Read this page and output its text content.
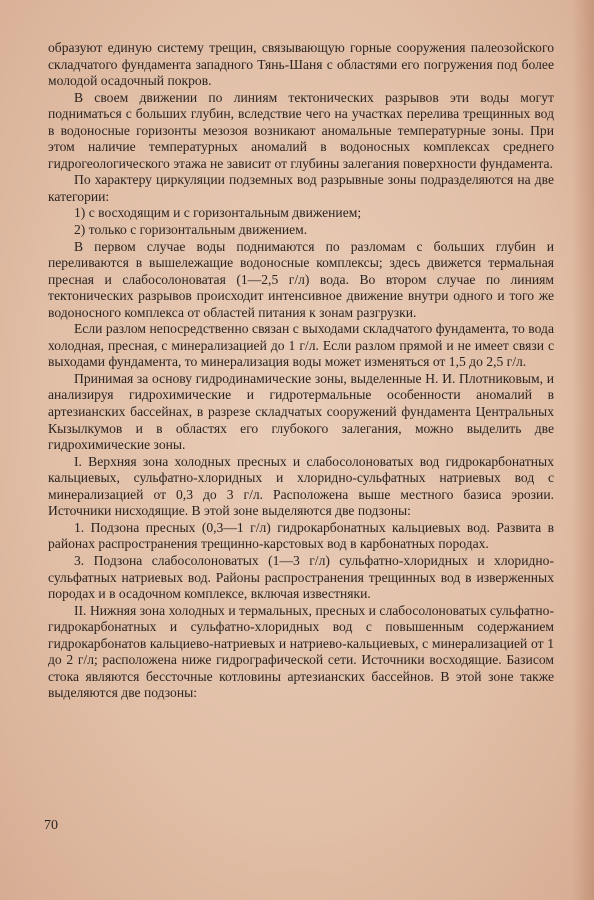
образуют единую систему трещин, связывающую горные сооружения палеозойского складчатого фундамента западного Тянь-Шаня с областями его погружения под более молодой осадочный покров.

В своем движении по линиям тектонических разрывов эти воды могут подниматься с больших глубин, вследствие чего на участках перелива трещинных вод в водоносные горизонты мезозоя возникают аномальные температурные зоны. При этом наличие температурных аномалий в водоносных комплексах среднего гидрогеологического этажа не зависит от глубины залегания поверхности фундамента.

По характеру циркуляции подземных вод разрывные зоны подразделяются на две категории:

1) с восходящим и с горизонтальным движением;

2) только с горизонтальным движением.

В первом случае воды поднимаются по разломам с больших глубин и переливаются в вышележащие водоносные комплексы; здесь движется термальная пресная и слабосолоноватая (1—2,5 г/л) вода. Во втором случае по линиям тектонических разрывов происходит интенсивное движение внутри одного и того же водоносного комплекса от областей питания к зонам разгрузки.

Если разлом непосредственно связан с выходами складчатого фундамента, то вода холодная, пресная, с минерализацией до 1 г/л. Если разлом прямой и не имеет связи с выходами фундамента, то минерализация воды может изменяться от 1,5 до 2,5 г/л.

Принимая за основу гидродинамические зоны, выделенные Н. И. Плотниковым, и анализируя гидрохимические и гидротермальные особенности аномалий в артезианских бассейнах, в разрезе складчатых сооружений фундамента Центральных Кызылкумов и в областях его глубокого залегания, можно выделить две гидрохимические зоны.

I. Верхняя зона холодных пресных и слабосолоноватых вод гидрокарбонатных кальциевых, сульфатно-хлоридных и хлоридно-сульфатных натриевых вод с минерализацией от 0,3 до 3 г/л. Расположена выше местного базиса эрозии. Источники нисходящие. В этой зоне выделяются две подзоны:

1. Подзона пресных (0,3—1 г/л) гидрокарбонатных кальциевых вод. Развита в районах распространения трещинно-карстовых вод в карбонатных породах.

3. Подзона слабосолоноватых (1—3 г/л) сульфатно-хлоридных и хлоридно-сульфатных натриевых вод. Районы распространения трещинных вод в изверженных породах и в осадочном комплексе, включая известняки.

II. Нижняя зона холодных и термальных, пресных и слабосолоноватых сульфатно-гидрокарбонатных и сульфатно-хлоридных вод с повышенным содержанием гидрокарбонатов кальциево-натриевых и натриево-кальциевых, с минерализацией от 1 до 2 г/л; расположена ниже гидрографической сети. Источники восходящие. Базисом стока являются бессточные котловины артезианских бассейнов. В этой зоне также выделяются две подзоны:

70
